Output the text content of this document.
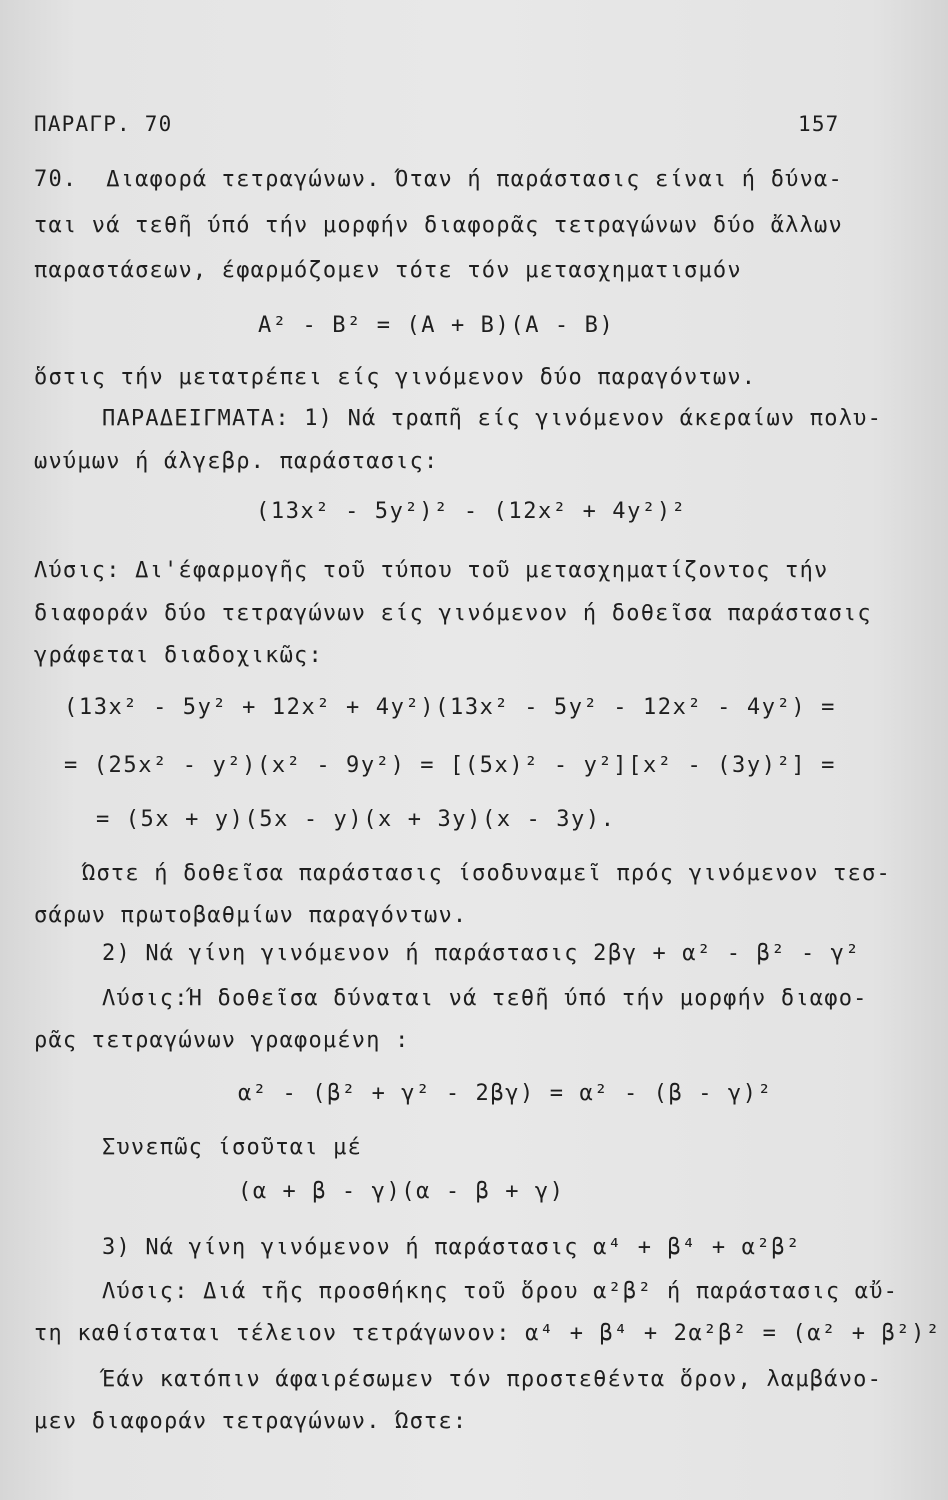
ΠΑΡΑΓΡ. 70	157
70.  Διαφορά τετραγώνων. Όταν ή παράστασις είναι ή δύνα-
ται νά τεθῆ ύπό τήν μορφήν διαφορᾶς τετραγώνων δύο ἄλλων
παραστάσεων, έφαρμόζομεν τότε τόν μετασχηματισμόν
A² - B² = (A + B)(A - B)
ὅστις τήν μετατρέπει είς γινόμενον δύο παραγόντων.
ΠΑΡΑΔΕΙΓΜΑΤΑ: 1) Νά τραπῆ είς γινόμενον άκεραίων πολυ-
ωνύμων ή άλγεβρ. παράστασις:
(13x² - 5y²)² - (12x² + 4y²)²
Λύσις: Δι'έφαρμογῆς τοῦ τύπου τοῦ μετασχηματίζοντος τήν
διαφοράν δύο τετραγώνων είς γινόμενον ή δοθεῖσα παράστασις
γράφεται διαδοχικῶς:
(13x² - 5y² + 12x² + 4y²)(13x² - 5y² - 12x² - 4y²) =
= (25x² - y²)(x² - 9y²) = [(5x)² - y²][x² - (3y)²] =
= (5x + y)(5x - y)(x + 3y)(x - 3y).
Ώστε ή δοθεῖσα παράστασις ίσοδυναμεῖ πρός γινόμενον τεσ-
σάρων πρωτοβαθμίων παραγόντων.
2) Νά γίνη γινόμενον ή παράστασις 2βγ + α² - β² - γ²
Λύσις:Ή δοθεῖσα δύναται νά τεθῆ ύπό τήν μορφήν διαφο-
ρᾶς τετραγώνων γραφομένη :
α² - (β² + γ² - 2βγ) = α² - (β - γ)²
Συνεπῶς ίσοῦται μέ
(α + β - γ)(α - β + γ)
3) Νά γίνη γινόμενον ή παράστασις α⁴ + β⁴ + α²β²
Λύσις: Διά τῆς προσθήκης τοῦ ὅρου α²β² ή παράστασις αὔ-
τη καθίσταται τέλειον τετράγωνον: α⁴ + β⁴ + 2α²β² = (α² + β²)²
Έάν κατόπιν άφαιρέσωμεν τόν προστεθέντα ὅρον, λαμβάνο-
μεν διαφοράν τετραγώνων. Ώστε:
